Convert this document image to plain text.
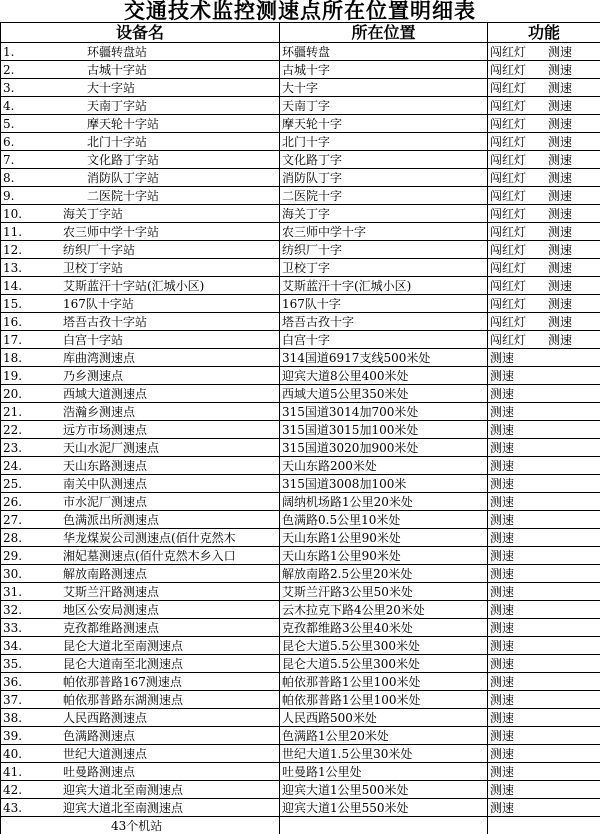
交通技术监控测速点所在位置明细表
设备名	所在位置	功能
1. 环疆转盘站	环疆转盘	闯红灯 测速
2. 古城十字站	古城十字	闯红灯 测速
3. 大十字站	大十字	闯红灯 测速
4. 天南丁字站	天南丁字	闯红灯 测速
5. 摩天轮十字站	摩天轮十字	闯红灯 测速
6. 北门十字站	北门十字	闯红灯 测速
7. 文化路丁字站	文化路丁字	闯红灯 测速
8. 消防队丁字站	消防队丁字	闯红灯 测速
9. 二医院十字站	二医院十字	闯红灯 测速
10. 海关丁字站	海关丁字	闯红灯 测速
11. 农三师中学十字站	农三师中学十字	闯红灯 测速
12. 纺织厂十字站	纺织厂十字	闯红灯 测速
13. 卫校丁字站	卫校丁字	闯红灯 测速
14. 艾斯蓝汗十字站(汇城小区)	艾斯蓝汗十字(汇城小区)	闯红灯 测速
15. 167队十字站	167队十字	闯红灯 测速
16. 塔吾古孜十字站	塔吾古孜十字	闯红灯 测速
17. 白宫十字站	白宫十字	闯红灯 测速
18. 库曲湾测速点	314国道6917支线500米处	测速
19. 乃乡测速点	迎宾大道8公里400米处	测速
20. 西域大道测速点	西域大道5公里350米处	测速
21. 浩瀚乡测速点	315国道3014加700米处	测速
22. 远方市场测速点	315国道3015加100米处	测速
23. 天山水泥厂测速点	315国道3020加900米处	测速
24. 天山东路测速点	天山东路200米处	测速
25. 南关中队测速点	315国道3008加100米	测速
26. 市水泥厂测速点	阔纳机场路1公里20米处	测速
27. 色满派出所测速点	色满路0.5公里10米处	测速
28. 华龙煤炭公司测速点(佰什克然木	天山东路1公里90米处	测速
29. 湘妃墓测速点(佰什克然木乡入口	天山东路1公里90米处	测速
30. 解放南路测速点	解放南路2.5公里20米处	测速
31. 艾斯兰汗路测速点	艾斯兰汗路3公里50米处	测速
32. 地区公安局测速点	云木拉克下路4公里20米处	测速
33. 克孜都维路测速点	克孜都维路3公里40米处	测速
34. 昆仑大道北至南测速点	昆仑大道5.5公里300米处	测速
35. 昆仑大道南至北测速点	昆仑大道5.5公里300米处	测速
36. 帕依那普路167测速点	帕依那普路1公里100米处	测速
37. 帕依那普路东湖测速点	帕依那普路1公里100米处	测速
38. 人民西路测速点	人民西路500米处	测速
39. 色满路测速点	色满路1公里20米处	测速
40. 世纪大道测速点	世纪大道1.5公里30米处	测速
41. 吐曼路测速点	吐曼路1公里处	测速
42. 迎宾大道北至南测速点	迎宾大道1公里500米处	测速
43. 迎宾大道北至南测速点	迎宾大道1公里550米处	测速
43个机站		
